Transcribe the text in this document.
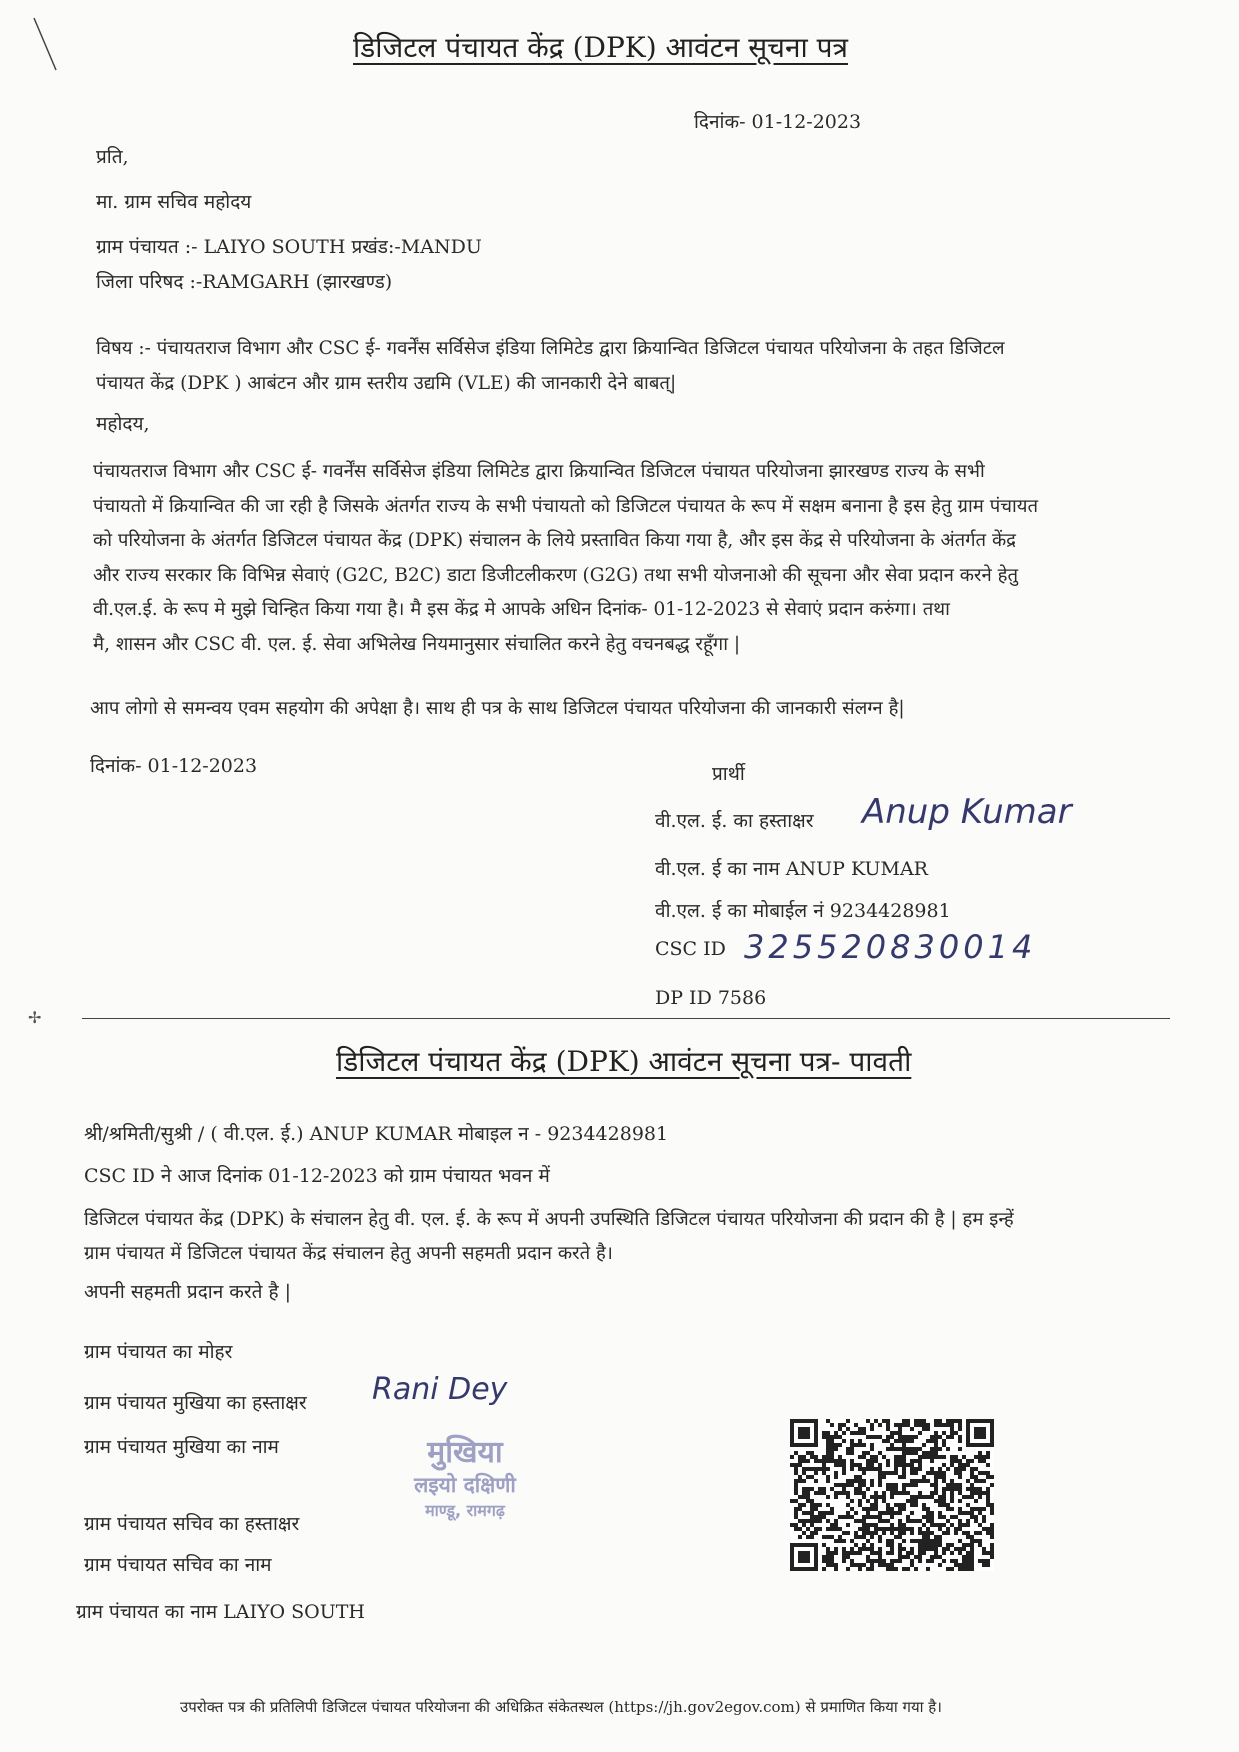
डिजिटल पंचायत केंद्र (DPK) आवंटन सूचना पत्र
दिनांक- 01-12-2023
प्रति,
मा. ग्राम सचिव महोदय
ग्राम पंचायत :- LAIYO SOUTH प्रखंड:-MANDU
जिला परिषद :-RAMGARH (झारखण्ड)
विषय :- पंचायतराज विभाग और CSC ई- गवर्नेंस सर्विसेज इंडिया लिमिटेड द्वारा क्रियान्वित डिजिटल पंचायत परियोजना के तहत डिजिटल
पंचायत केंद्र (DPK ) आबंटन और ग्राम स्तरीय उद्यमि (VLE) की जानकारी देने बाबत्|
महोदय,
पंचायतराज विभाग और CSC ई- गवर्नेंस सर्विसेज इंडिया लिमिटेड द्वारा क्रियान्वित डिजिटल पंचायत परियोजना झारखण्ड राज्य के सभी
पंचायतो में क्रियान्वित की जा रही है जिसके अंतर्गत राज्य के सभी पंचायतो को डिजिटल पंचायत के रूप में सक्षम बनाना है इस हेतु ग्राम पंचायत
को परियोजना के अंतर्गत डिजिटल पंचायत केंद्र (DPK) संचालन के लिये प्रस्तावित किया गया है, और इस केंद्र से परियोजना के अंतर्गत केंद्र
और राज्य सरकार कि विभिन्न सेवाएं (G2C, B2C) डाटा डिजीटलीकरण (G2G) तथा सभी योजनाओ की सूचना और सेवा प्रदान करने हेतु
वी.एल.ई. के रूप मे मुझे चिन्हित किया गया है। मै इस केंद्र मे आपके अधिन दिनांक- 01-12-2023 से सेवाएं प्रदान करुंगा। तथा
मै, शासन और CSC वी. एल. ई. सेवा अभिलेख नियमानुसार संचालित करने हेतु वचनबद्ध रहूँगा |
आप लोगो से समन्वय एवम सहयोग की अपेक्षा है। साथ ही पत्र के साथ डिजिटल पंचायत परियोजना की जानकारी संलग्न है|
दिनांक- 01-12-2023	प्रार्थी
वी.एल. ई. का हस्ताक्षर Anup Kumar
वी.एल. ई का नाम ANUP KUMAR
वी.एल. ई का मोबाईल नं 9234428981
CSC ID 325520830014
DP ID 7586
डिजिटल पंचायत केंद्र (DPK) आवंटन सूचना पत्र- पावती
श्री/श्रमिती/सुश्री / ( वी.एल. ई.) ANUP KUMAR मोबाइल न - 9234428981
CSC ID ने आज दिनांक 01-12-2023 को ग्राम पंचायत भवन में
डिजिटल पंचायत केंद्र (DPK) के संचालन हेतु वी. एल. ई. के रूप में अपनी उपस्थिति डिजिटल पंचायत परियोजना की प्रदान की है | हम इन्हें
ग्राम पंचायत में डिजिटल पंचायत केंद्र संचालन हेतु अपनी सहमती प्रदान करते है।
अपनी सहमती प्रदान करते है |
ग्राम पंचायत का मोहर
ग्राम पंचायत मुखिया का हस्ताक्षर Rani Dey
ग्राम पंचायत मुखिया का नाम	मुखिया
लइयो दक्षिणी
माण्डू, रामगढ़
ग्राम पंचायत सचिव का हस्ताक्षर
ग्राम पंचायत सचिव का नाम
ग्राम पंचायत का नाम LAIYO SOUTH
✢
उपरोक्त पत्र की प्रतिलिपी डिजिटल पंचायत परियोजना की अधिक्रित संकेतस्थल (https://jh.gov2egov.com) से प्रमाणित किया गया है।
